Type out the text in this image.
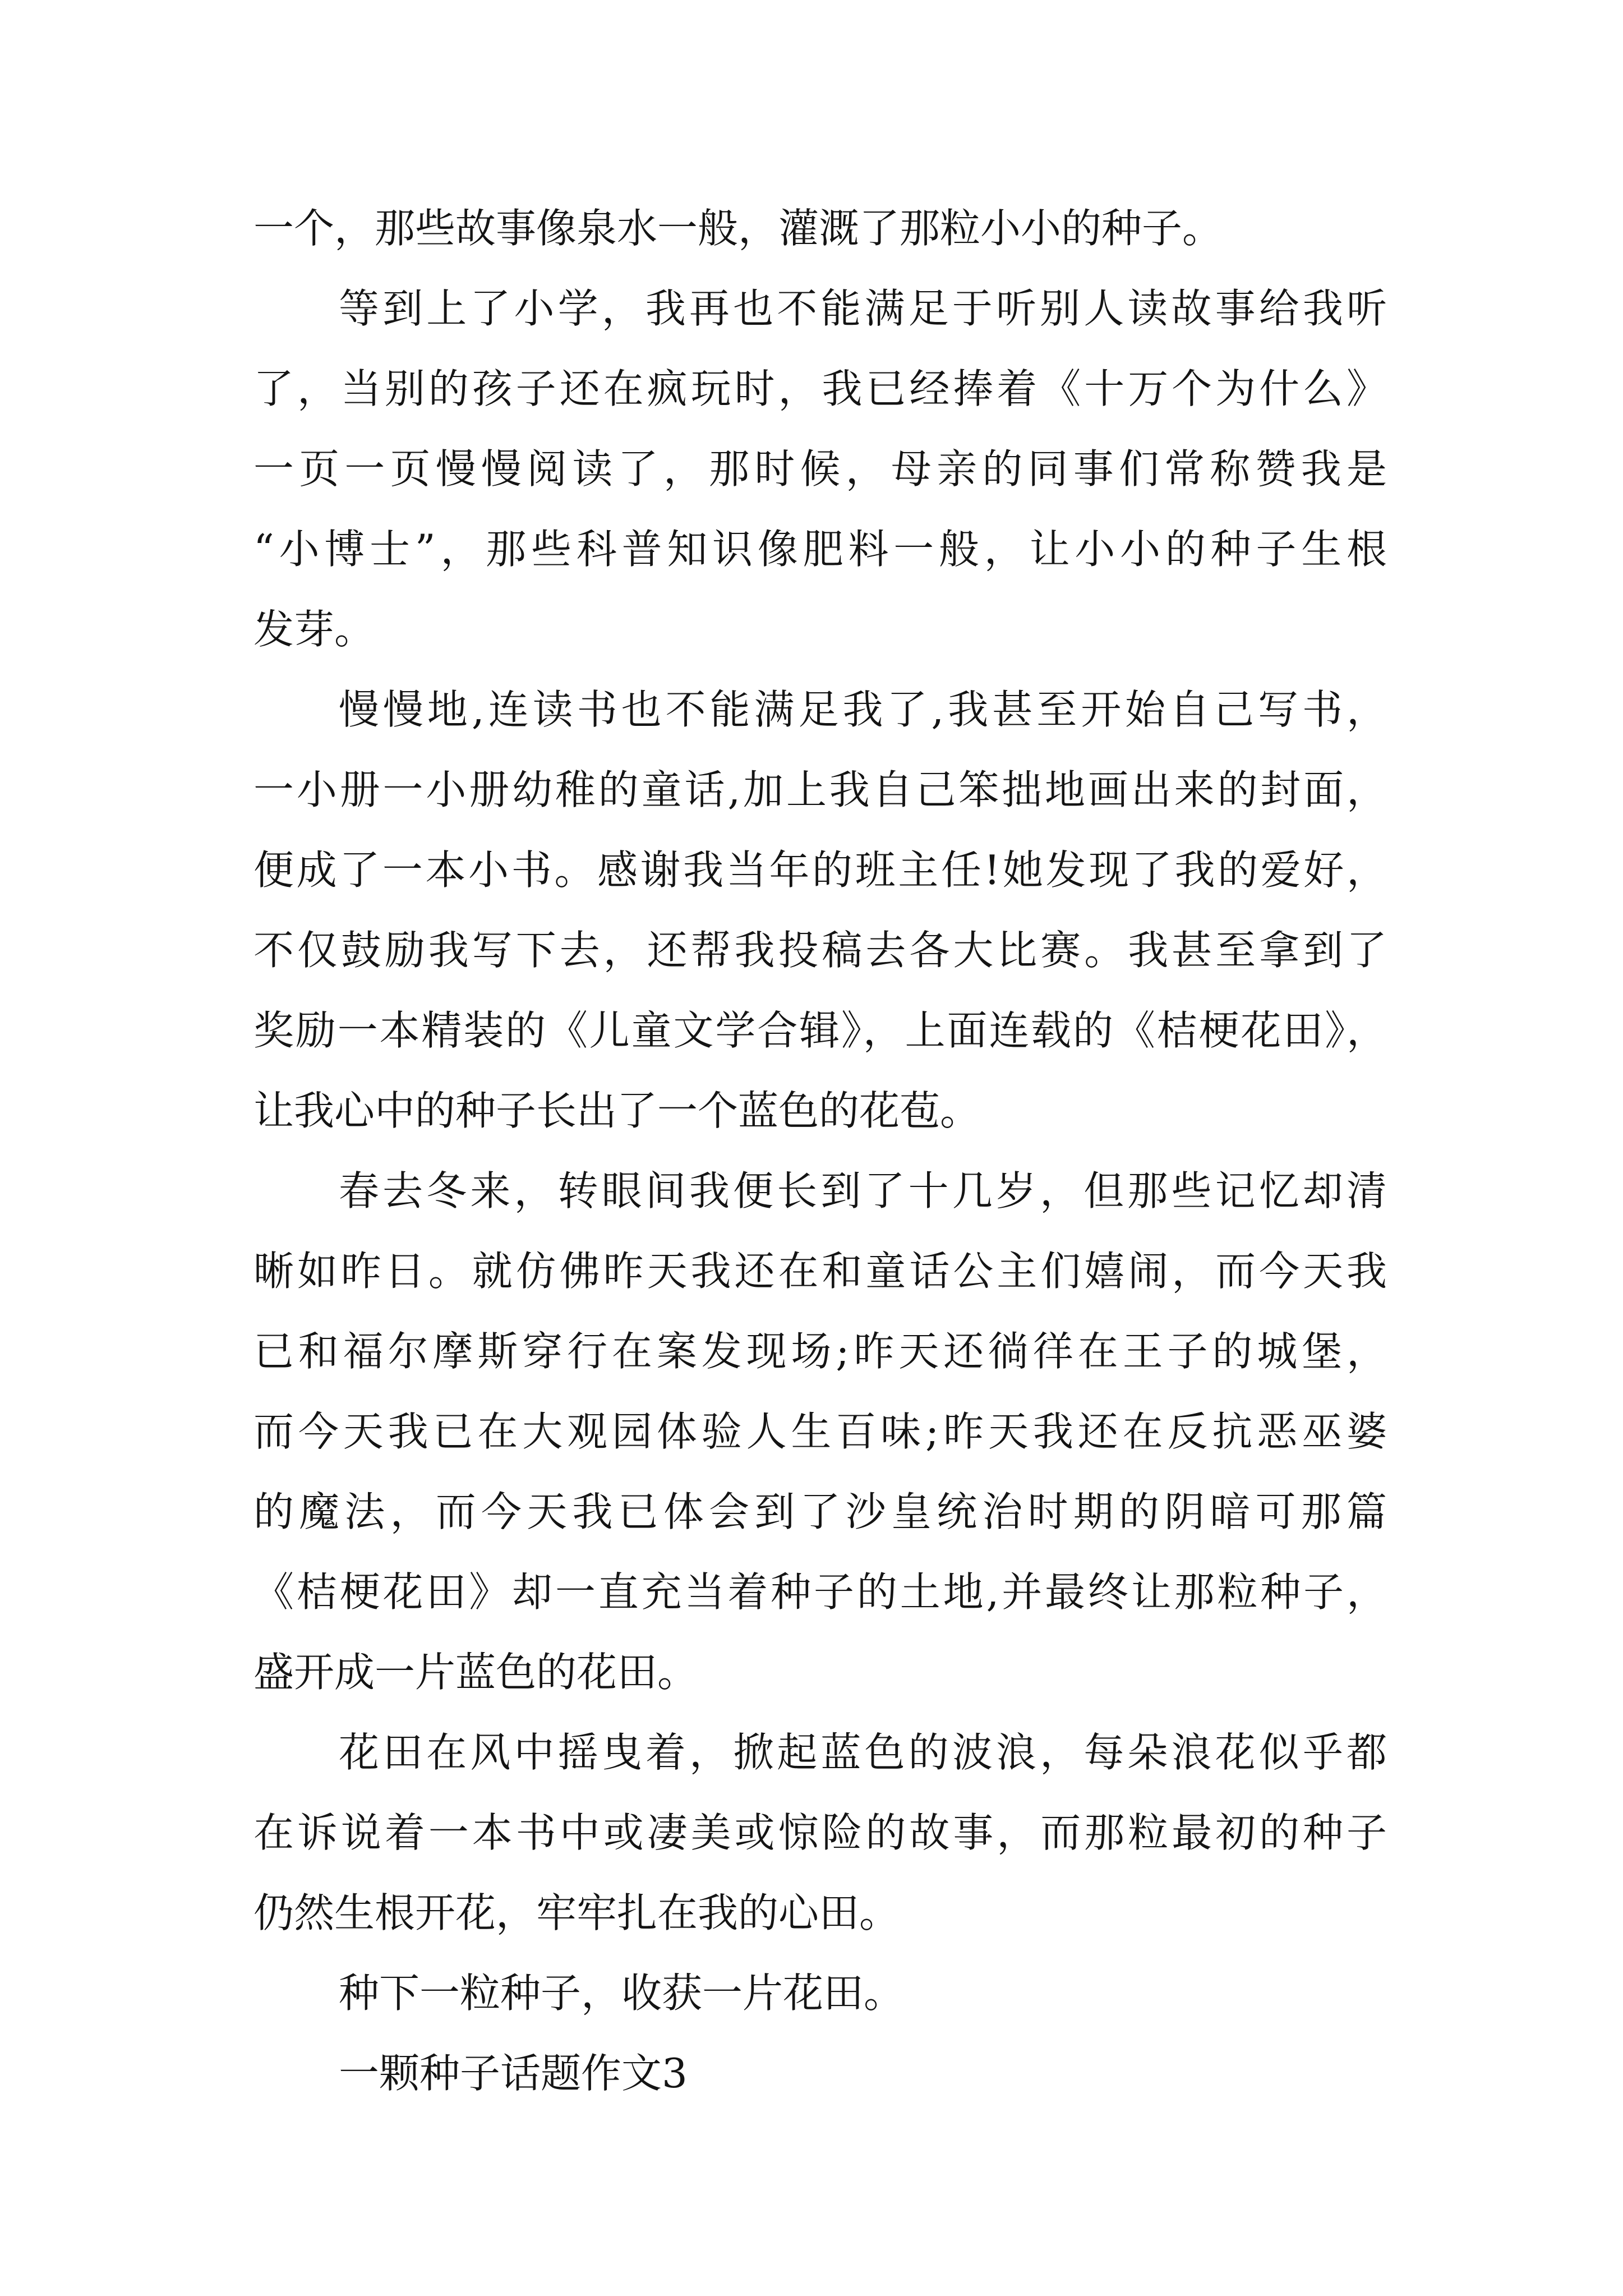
一个，那些故事像泉水一般，灌溉了那粒小小的种子。
等到上了小学，我再也不能满足于听别人读故事给我听
了，当别的孩子还在疯玩时，我已经捧着《十万个为什么》
一页一页慢慢阅读了，那时候，母亲的同事们常称赞我是
“小博士”，那些科普知识像肥料一般，让小小的种子生根
发芽。
慢慢地,连读书也不能满足我了,我甚至开始自己写书，
一小册一小册幼稚的童话,加上我自己笨拙地画出来的封面，
便成了一本小书。感谢我当年的班主任!她发现了我的爱好，
不仅鼓励我写下去，还帮我投稿去各大比赛。我甚至拿到了
奖励一本精装的《儿童文学合辑》，上面连载的《桔梗花田》，
让我心中的种子长出了一个蓝色的花苞。
春去冬来，转眼间我便长到了十几岁，但那些记忆却清
晰如昨日。就仿佛昨天我还在和童话公主们嬉闹，而今天我
已和福尔摩斯穿行在案发现场;昨天还徜徉在王子的城堡，
而今天我已在大观园体验人生百味;昨天我还在反抗恶巫婆
的魔法，而今天我已体会到了沙皇统治时期的阴暗可那篇
《桔梗花田》却一直充当着种子的土地,并最终让那粒种子，
盛开成一片蓝色的花田。
花田在风中摇曳着，掀起蓝色的波浪，每朵浪花似乎都
在诉说着一本书中或凄美或惊险的故事，而那粒最初的种子
仍然生根开花，牢牢扎在我的心田。
种下一粒种子，收获一片花田。
一颗种子话题作文3
